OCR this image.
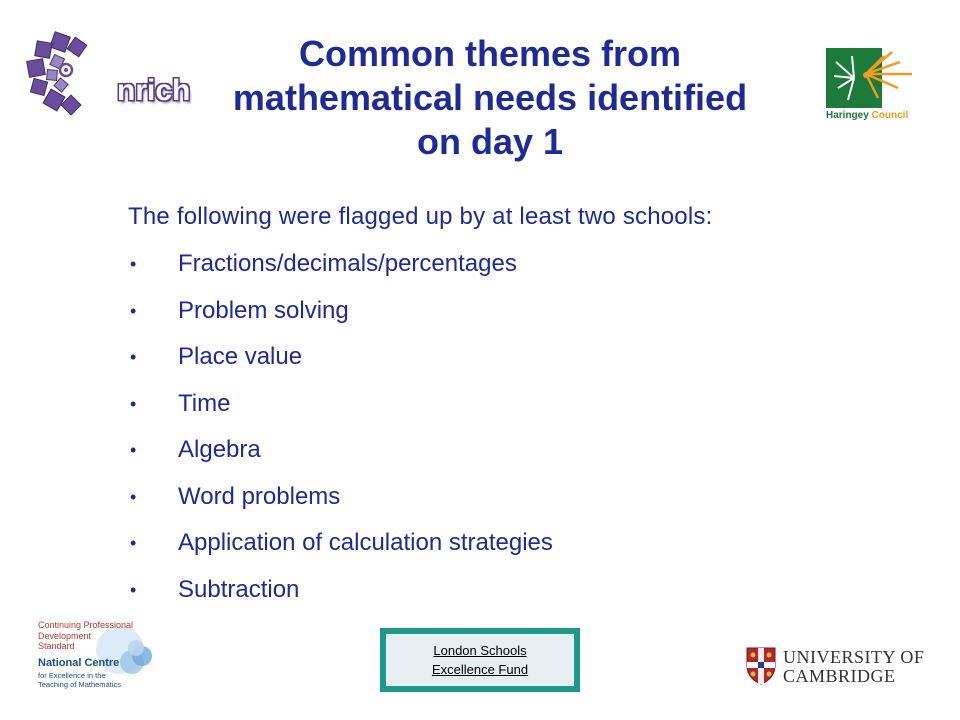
nrich
Common themes from
mathematical needs identified
on day 1
Haringey Council
The following were flagged up by at least two schools:
• Fractions/decimals/percentages
• Problem solving
• Place value
• Time
• Algebra
• Word problems
• Application of calculation strategies
• Subtraction
Continuing Professional
Development
Standard
National Centre
for Excellence in the
Teaching of Mathematics
London Schools
Excellence Fund
UNIVERSITY OF
CAMBRIDGE
